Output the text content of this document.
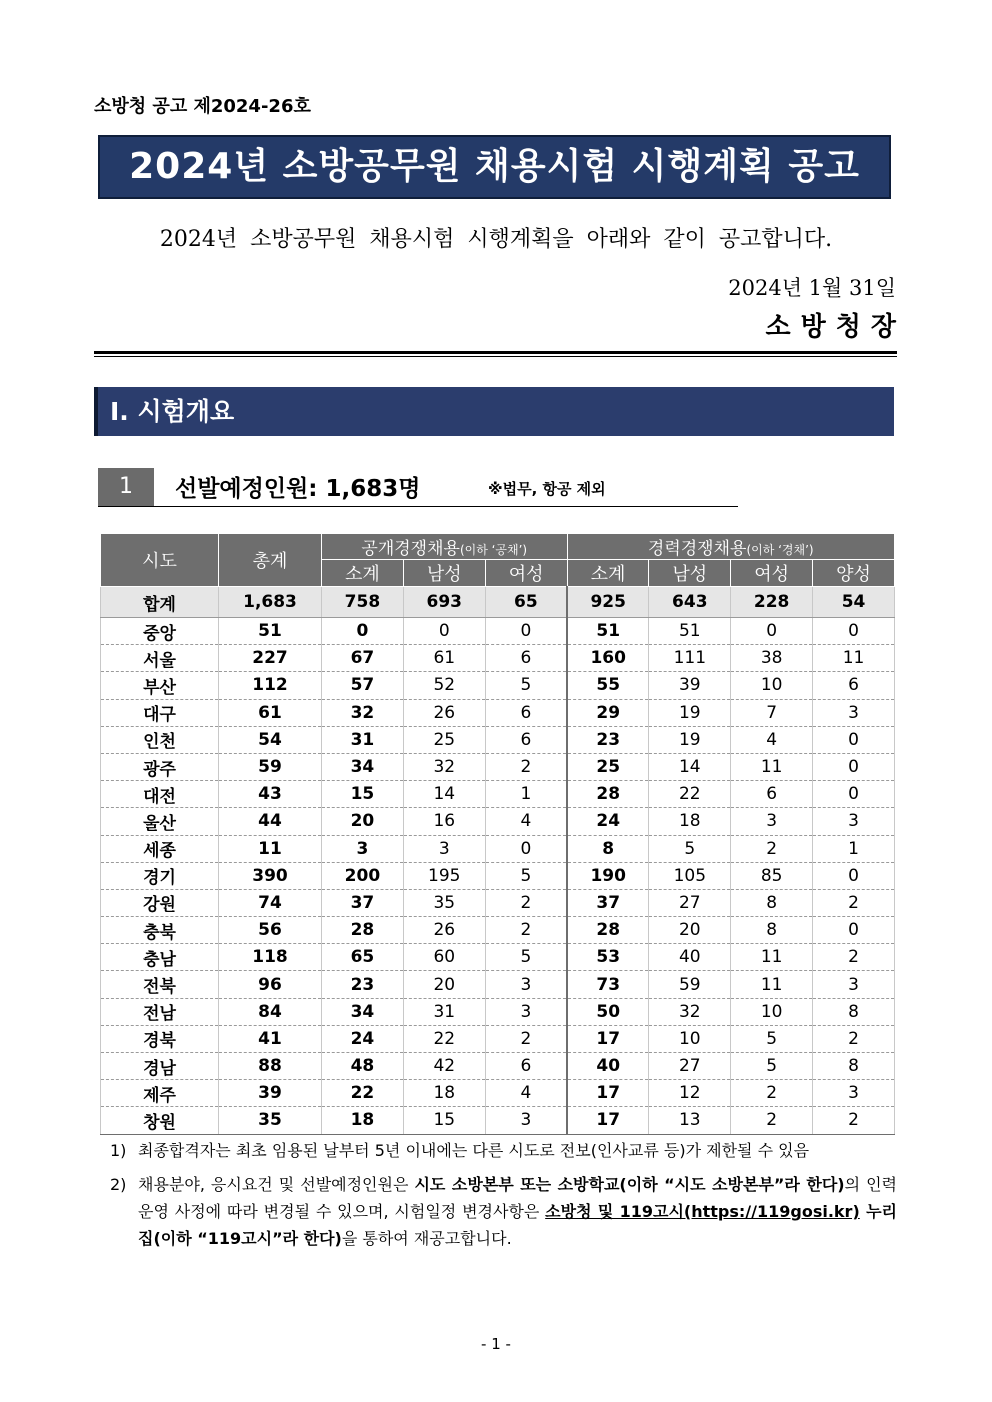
소방청 공고 제2024-26호
2024년 소방공무원 채용시험 시행계획 공고
2024년 소방공무원 채용시험 시행계획을 아래와 같이 공고합니다.
2024년 1월 31일
소방청장
Ⅰ. 시험개요
1	선발예정인원: 1,683명	※법무, 항공 제외
시도	총계	공개경쟁채용(이하 ‘공채’)			경력경쟁채용(이하 ‘경채’)			
		소계	남성	여성	소계	남성	여성	양성
합계	1,683	758	693	65	925	643	228	54
중앙	51	0	0	0	51	51	0	0
서울	227	67	61	6	160	111	38	11
부산	112	57	52	5	55	39	10	6
대구	61	32	26	6	29	19	7	3
인천	54	31	25	6	23	19	4	0
광주	59	34	32	2	25	14	11	0
대전	43	15	14	1	28	22	6	0
울산	44	20	16	4	24	18	3	3
세종	11	3	3	0	8	5	2	1
경기	390	200	195	5	190	105	85	0
강원	74	37	35	2	37	27	8	2
충북	56	28	26	2	28	20	8	0
충남	118	65	60	5	53	40	11	2
전북	96	23	20	3	73	59	11	3
전남	84	34	31	3	50	32	10	8
경북	41	24	22	2	17	10	5	2
경남	88	48	42	6	40	27	5	8
제주	39	22	18	4	17	12	2	3
창원	35	18	15	3	17	13	2	2
1) 최종합격자는 최초 임용된 날부터 5년 이내에는 다른 시도로 전보(인사교류 등)가 제한될 수 있음
2) 채용분야, 응시요건 및 선발예정인원은 시도 소방본부 또는 소방학교(이하 “시도 소방본부”라 한다)의 인력운영 사정에 따라 변경될 수 있으며, 시험일정 변경사항은 소방청 및 119고시(https://119gosi.kr) 누리집(이하 “119고시”라 한다)을 통하여 재공고합니다.
- 1 -
